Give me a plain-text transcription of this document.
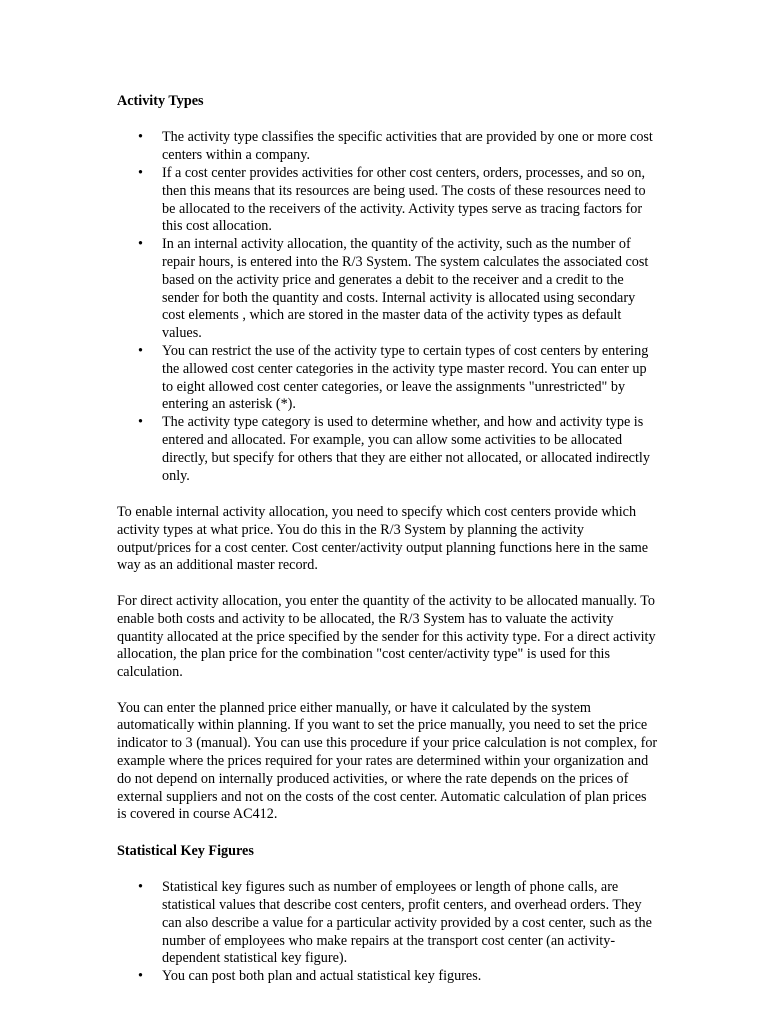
Activity Types
• The activity type classifies the specific activities that are provided by one or more cost centers within a company.
• If a cost center provides activities for other cost centers, orders, processes, and so on, then this means that its resources are being used. The costs of these resources need to be allocated to the receivers of the activity. Activity types serve as tracing factors for this cost allocation.
• In an internal activity allocation, the quantity of the activity, such as the number of repair hours, is entered into the R/3 System. The system calculates the associated cost based on the activity price and generates a debit to the receiver and a credit to the sender for both the quantity and costs. Internal activity is allocated using secondary cost elements , which are stored in the master data of the activity types as default values.
• You can restrict the use of the activity type to certain types of cost centers by entering the allowed cost center categories in the activity type master record. You can enter up to eight allowed cost center categories, or leave the assignments "unrestricted" by entering an asterisk (*).
• The activity type category is used to determine whether, and how and activity type is entered and allocated. For example, you can allow some activities to be allocated directly, but specify for others that they are either not allocated, or allocated indirectly only.

To enable internal activity allocation, you need to specify which cost centers provide which activity types at what price. You do this in the R/3 System by planning the activity output/prices for a cost center. Cost center/activity output planning functions here in the same way as an additional master record.

For direct activity allocation, you enter the quantity of the activity to be allocated manually. To enable both costs and activity to be allocated, the R/3 System has to valuate the activity quantity allocated at the price specified by the sender for this activity type. For a direct activity allocation, the plan price for the combination "cost center/activity type" is used for this calculation.

You can enter the planned price either manually, or have it calculated by the system automatically within planning. If you want to set the price manually, you need to set the price indicator to 3 (manual). You can use this procedure if your price calculation is not complex, for example where the prices required for your rates are determined within your organization and do not depend on internally produced activities, or where the rate depends on the prices of external suppliers and not on the costs of the cost center. Automatic calculation of plan prices is covered in course AC412.

Statistical Key Figures
• Statistical key figures such as number of employees or length of phone calls, are statistical values that describe cost centers, profit centers, and overhead orders. They can also describe a value for a particular activity provided by a cost center, such as the number of employees who make repairs at the transport cost center (an activity-dependent statistical key figure).
• You can post both plan and actual statistical key figures.
